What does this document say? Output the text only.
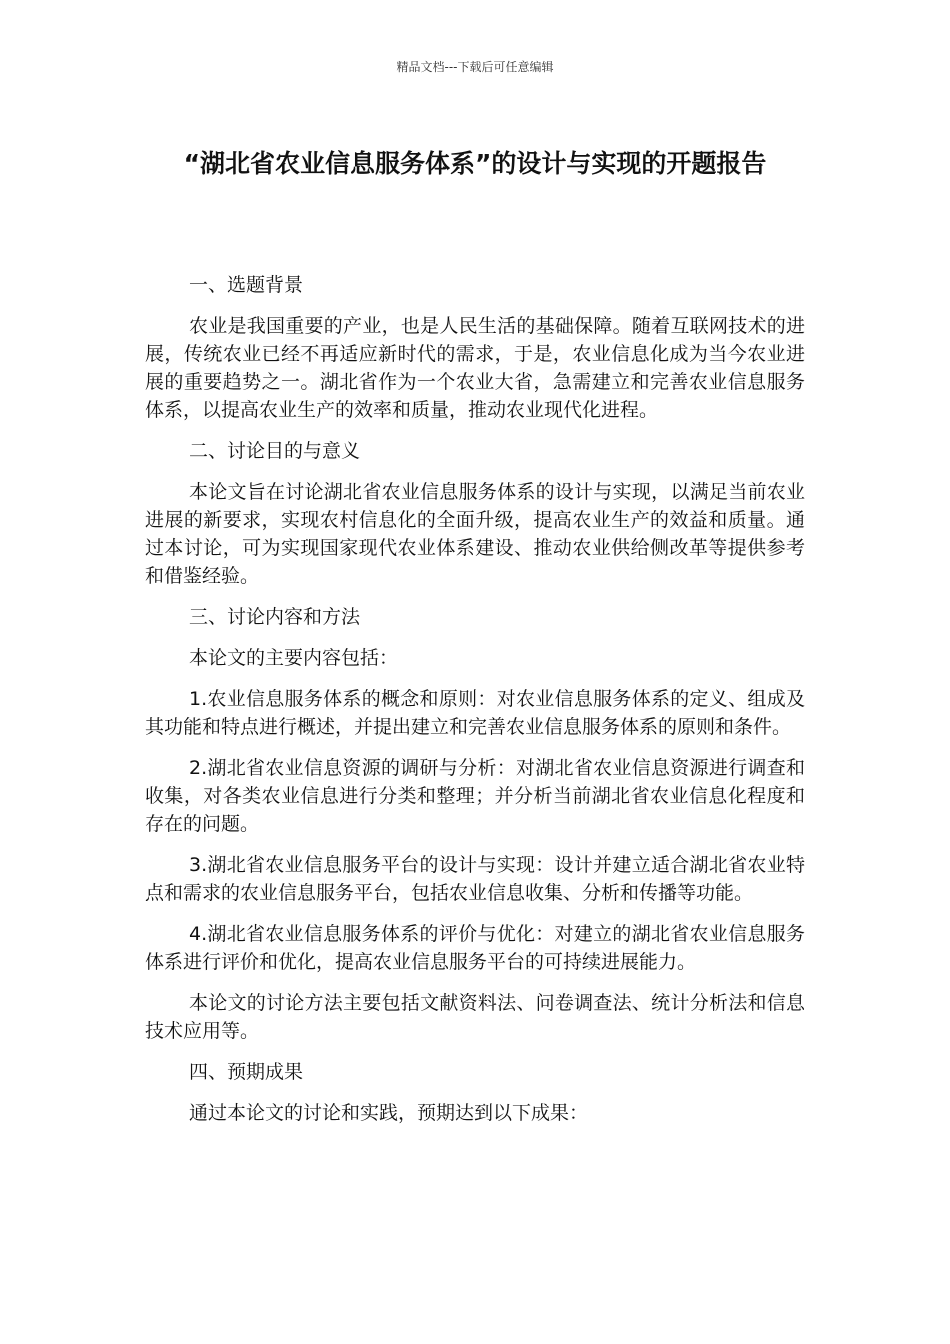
精品文档---下载后可任意编辑
“湖北省农业信息服务体系”的设计与实现的开题报告

一、选题背景

农业是我国重要的产业，也是人民生活的基础保障。随着互联网技术的进展，传统农业已经不再适应新时代的需求，于是，农业信息化成为当今农业进展的重要趋势之一。湖北省作为一个农业大省，急需建立和完善农业信息服务体系，以提高农业生产的效率和质量，推动农业现代化进程。

二、讨论目的与意义

本论文旨在讨论湖北省农业信息服务体系的设计与实现，以满足当前农业进展的新要求，实现农村信息化的全面升级，提高农业生产的效益和质量。通过本讨论，可为实现国家现代农业体系建设、推动农业供给侧改革等提供参考和借鉴经验。

三、讨论内容和方法

本论文的主要内容包括：

1.农业信息服务体系的概念和原则：对农业信息服务体系的定义、组成及其功能和特点进行概述，并提出建立和完善农业信息服务体系的原则和条件。

2.湖北省农业信息资源的调研与分析：对湖北省农业信息资源进行调查和收集，对各类农业信息进行分类和整理；并分析当前湖北省农业信息化程度和存在的问题。

3.湖北省农业信息服务平台的设计与实现：设计并建立适合湖北省农业特点和需求的农业信息服务平台，包括农业信息收集、分析和传播等功能。

4.湖北省农业信息服务体系的评价与优化：对建立的湖北省农业信息服务体系进行评价和优化，提高农业信息服务平台的可持续进展能力。

本论文的讨论方法主要包括文献资料法、问卷调查法、统计分析法和信息技术应用等。

四、预期成果

通过本论文的讨论和实践，预期达到以下成果：
